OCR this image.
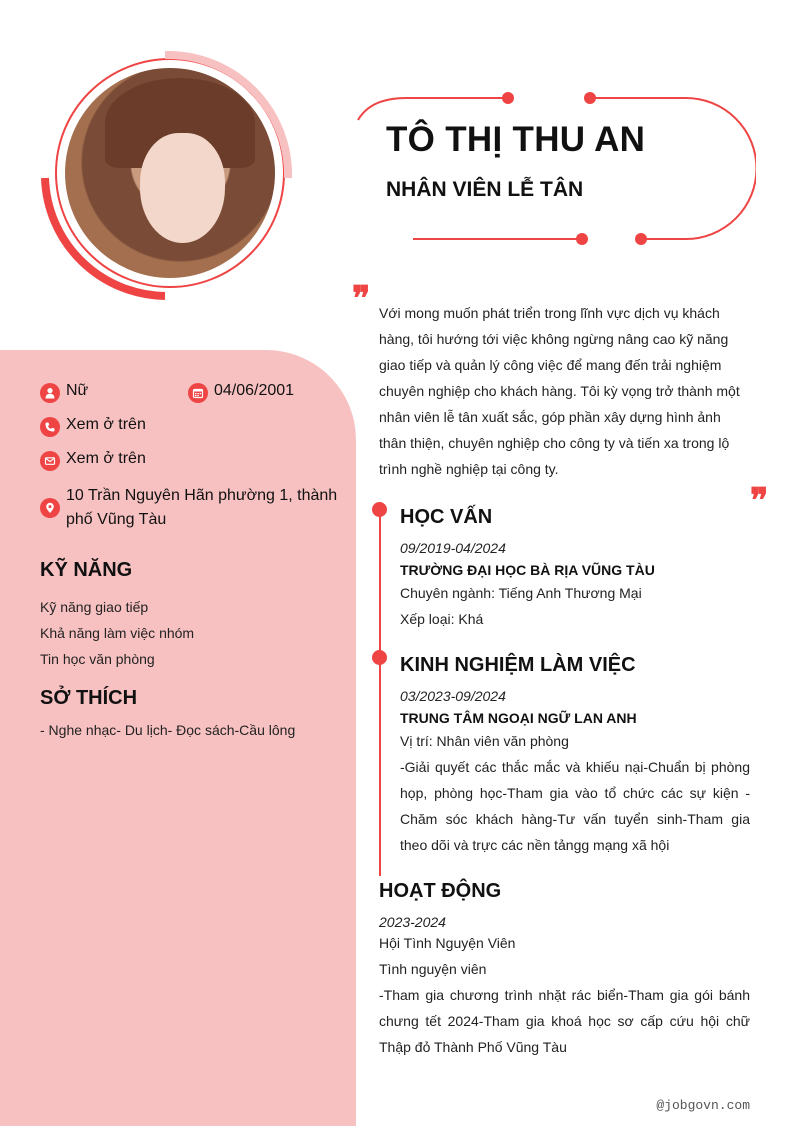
TÔ THỊ THU AN
NHÂN VIÊN LỄ TÂN
❞ Với mong muốn phát triển trong lĩnh vực dịch vụ khách hàng, tôi hướng tới việc không ngừng nâng cao kỹ năng giao tiếp và quản lý công việc để mang đến trải nghiệm chuyên nghiệp cho khách hàng. Tôi kỳ vọng trở thành một nhân viên lễ tân xuất sắc, góp phần xây dựng hình ảnh thân thiện, chuyên nghiệp cho công ty và tiến xa trong lộ trình nghề nghiệp tại công ty.
❞
Nữ	04/06/2001
Xem ở trên
Xem ở trên
10 Trần Nguyên Hãn phường 1, thành phố Vũng Tàu
KỸ NĂNG
Kỹ năng giao tiếp
Khả năng làm việc nhóm
Tin học văn phòng
SỞ THÍCH
- Nghe nhạc- Du lịch- Đọc sách-Cầu lông
HỌC VẤN
09/2019-04/2024
TRƯỜNG ĐẠI HỌC BÀ RỊA VŨNG TÀU
Chuyên ngành: Tiếng Anh Thương Mại
Xếp loại: Khá
KINH NGHIỆM LÀM VIỆC
03/2023-09/2024
TRUNG TÂM NGOẠI NGỮ LAN ANH
Vị trí: Nhân viên văn phòng
-Giải quyết các thắc mắc và khiếu nại-Chuẩn bị phòng họp, phòng học-Tham gia vào tổ chức các sự kiện -Chăm sóc khách hàng-Tư vấn tuyển sinh-Tham gia theo dõi và trực các nền tảngg mạng xã hội
HOẠT ĐỘNG
2023-2024
Hội Tình Nguyện Viên
Tình nguyện viên
-Tham gia chương trình nhặt rác biển-Tham gia gói bánh chưng tết 2024-Tham gia khoá học sơ cấp cứu hội chữ Thập đỏ Thành Phố Vũng Tàu
@jobgovn.com
